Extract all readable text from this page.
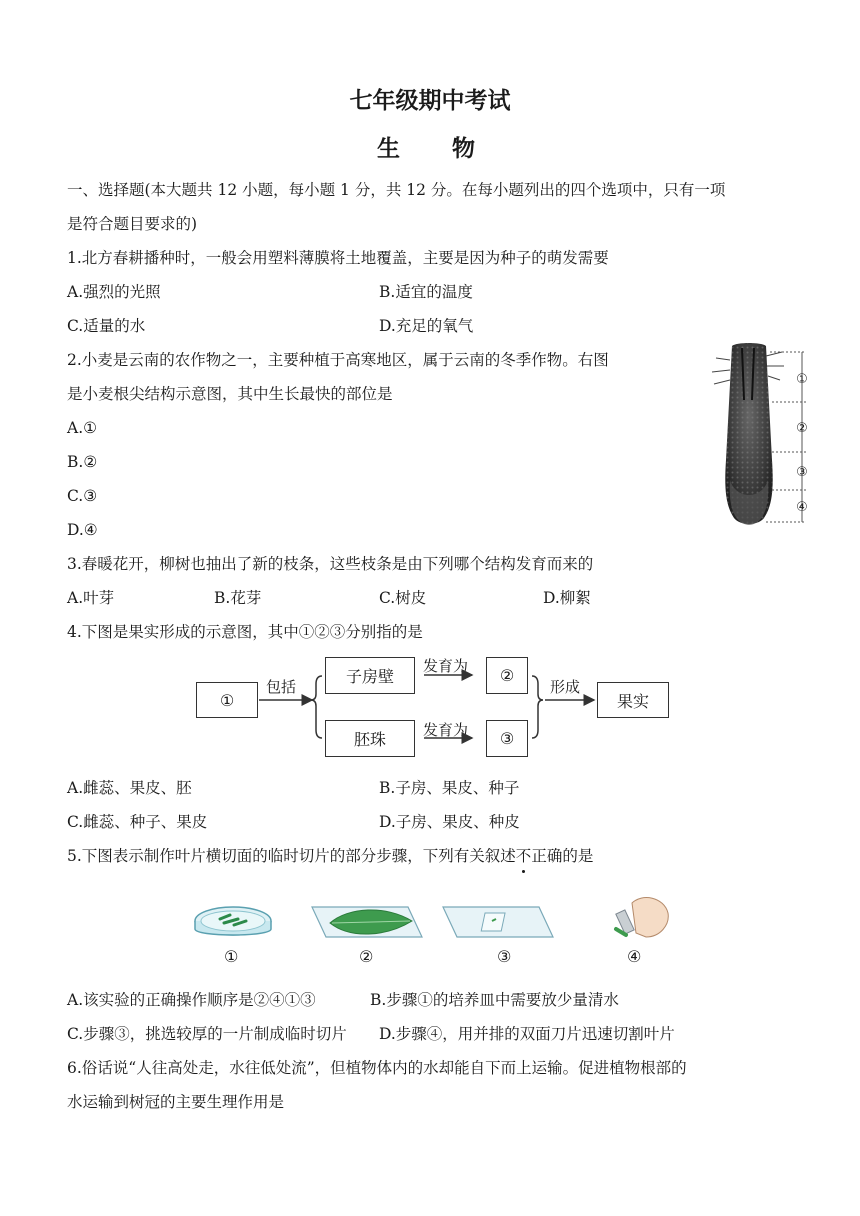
七年级期中考试
生　　物
一、选择题(本大题共 12 小题，每小题 1 分，共 12 分。在每小题列出的四个选项中，只有一项
是符合题目要求的)
1.北方春耕播种时，一般会用塑料薄膜将土地覆盖，主要是因为种子的萌发需要
A.强烈的光照	B.适宜的温度
C.适量的水	D.充足的氧气
2.小麦是云南的农作物之一，主要种植于高寒地区，属于云南的冬季作物。右图
是小麦根尖结构示意图，其中生长最快的部位是
A.①
B.②
C.③
D.④
①
②
③
④
3.春暖花开，柳树也抽出了新的枝条，这些枝条是由下列哪个结构发育而来的
A.叶芽	B.花芽	C.树皮	D.柳絮
4.下图是果实形成的示意图，其中①②③分别指的是
①
包括
子房壁
胚珠
发育为
发育为
②
③
形成
果实
A.雌蕊、果皮、胚	B.子房、果皮、种子
C.雌蕊、种子、果皮	D.子房、果皮、种皮
5.下图表示制作叶片横切面的临时切片的部分步骤，下列有关叙述不正确的是
①	②	③	④
A.该实验的正确操作顺序是②④①③	B.步骤①的培养皿中需要放少量清水
C.步骤③，挑选较厚的一片制成临时切片 D.步骤④，用并排的双面刀片迅速切割叶片
6.俗话说“人往高处走，水往低处流”，但植物体内的水却能自下而上运输。促进植物根部的
水运输到树冠的主要生理作用是
